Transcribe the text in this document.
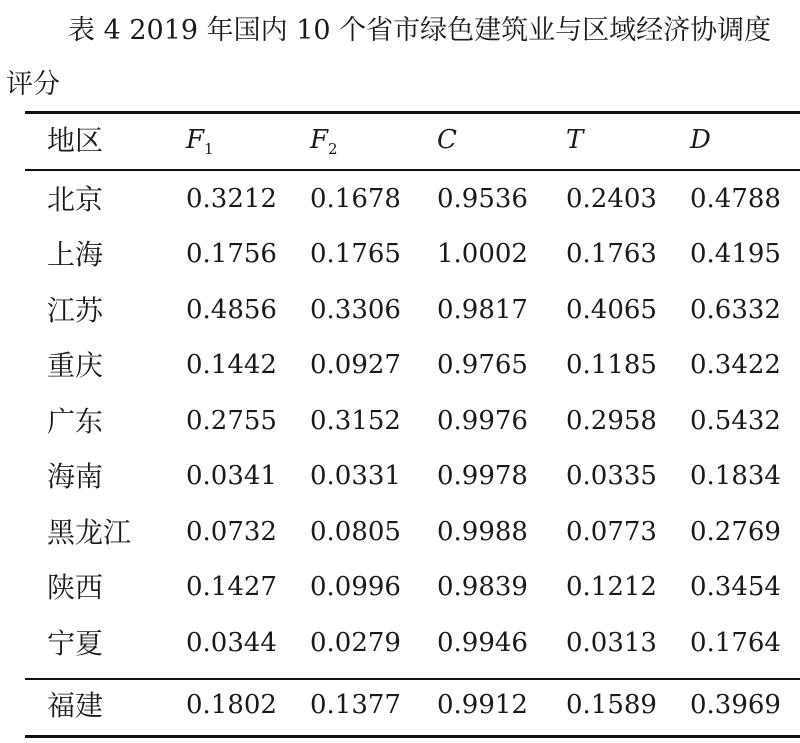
表 4 2019 年国内 10 个省市绿色建筑业与区域经济协调度
评分
地区	$F_1$	$F_2$	C	T	D
北京	0.3212 0.1678 0.9536 0.2403 0.4788
上海	0.1756 0.1765 1.0002 0.1763 0.4195
江苏	0.4856 0.3306 0.9817 0.4065 0.6332
重庆	0.1442 0.0927 0.9765 0.1185 0.3422
广东	0.2755 0.3152 0.9976 0.2958 0.5432
海南	0.0341 0.0331 0.9978 0.0335 0.1834
黑龙江 0.0732 0.0805 0.9988 0.0773 0.2769
陕西	0.1427 0.0996 0.9839 0.1212 0.3454
宁夏	0.0344 0.0279 0.9946 0.0313 0.1764
福建	0.1802 0.1377 0.9912 0.1589 0.3969
